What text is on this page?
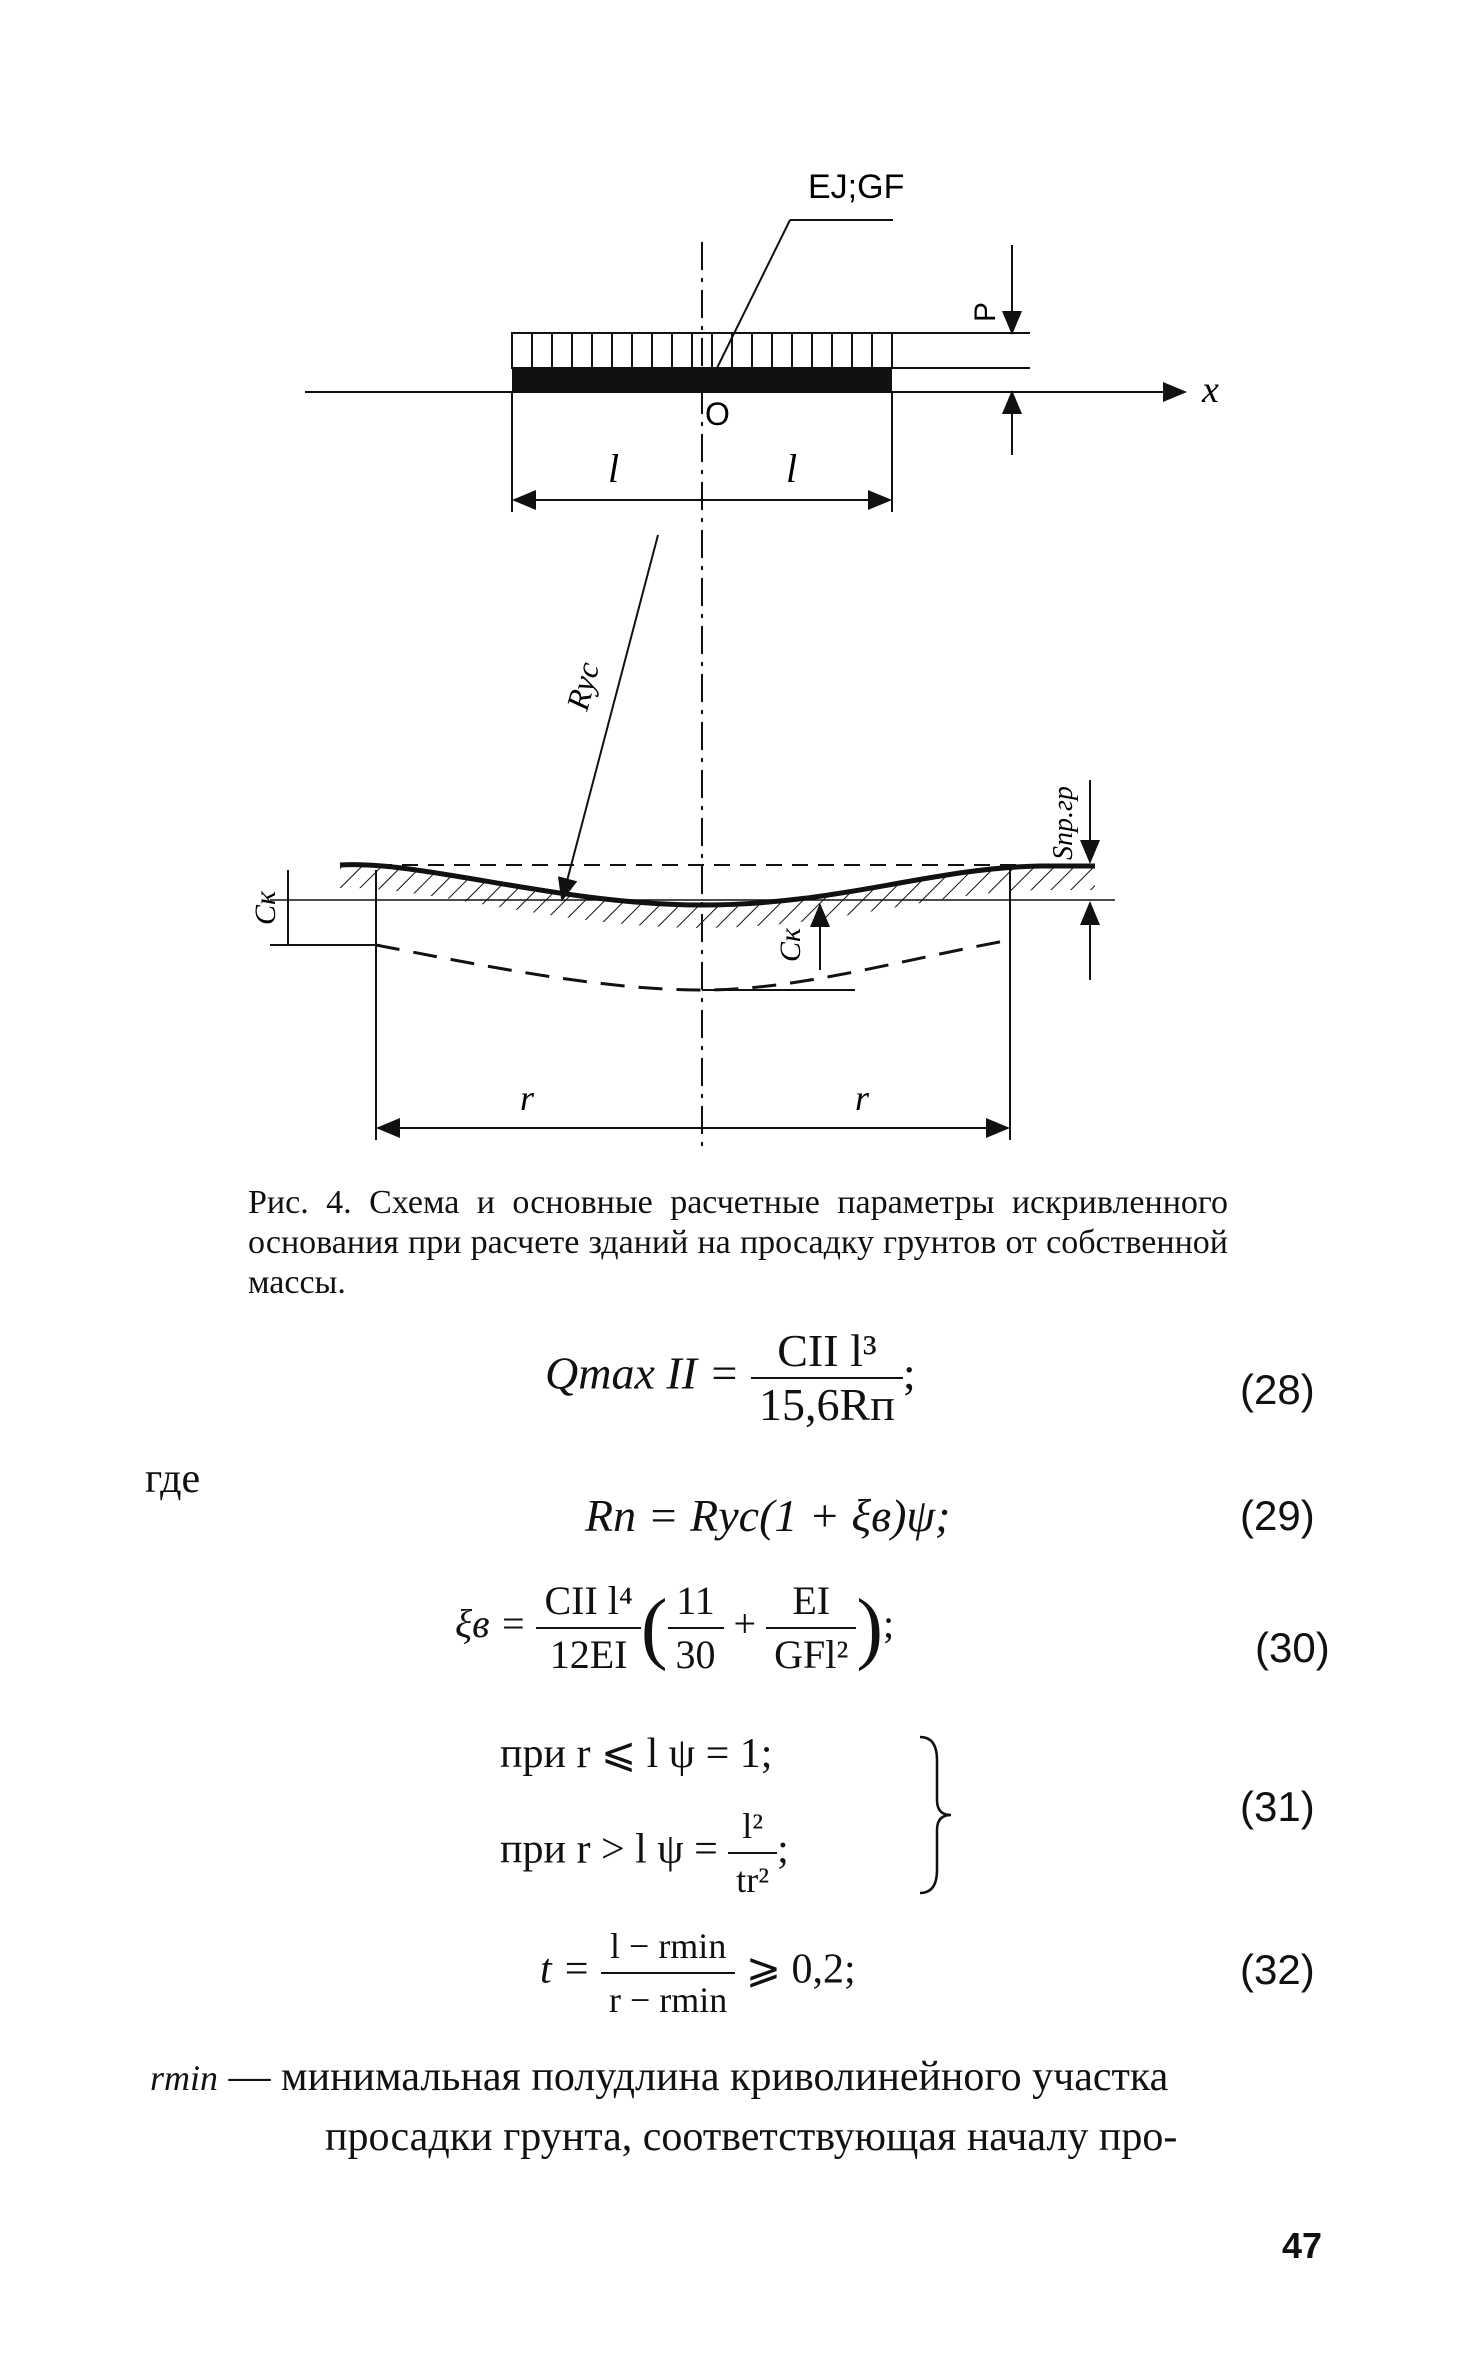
EJ;GF
x
O
P
l	l
Rус
Cк
Cк
Sпр.гр
r	r
Рис. 4. Схема и основные расчетные параметры искривленного основания при расчете зданий на просадку грунтов от собственной массы.
Qmax II = $\frac{\text{CII l³}}{15,6Rп}$ ;	(28)
где
Rп = Rус(1 + ξв)ψ;	(29)
$\xi в = \frac{\text{CII l⁴}}{12EI}$ ( $\frac{11}{30} + \frac{EI}{\text{GFl²}}$ );
(30)
при r ⩽ l ψ = 1;
при r > l $\psi = \frac{\text{l²}}{\text{tr²}}$ ;
(31)
$t = \frac{l - rmin}{r - rmin}$ ⩾ 0,2;	(32)
rmin — минимальная полудлина криволинейного участка
просадки грунта, соответствующая началу про-
47
